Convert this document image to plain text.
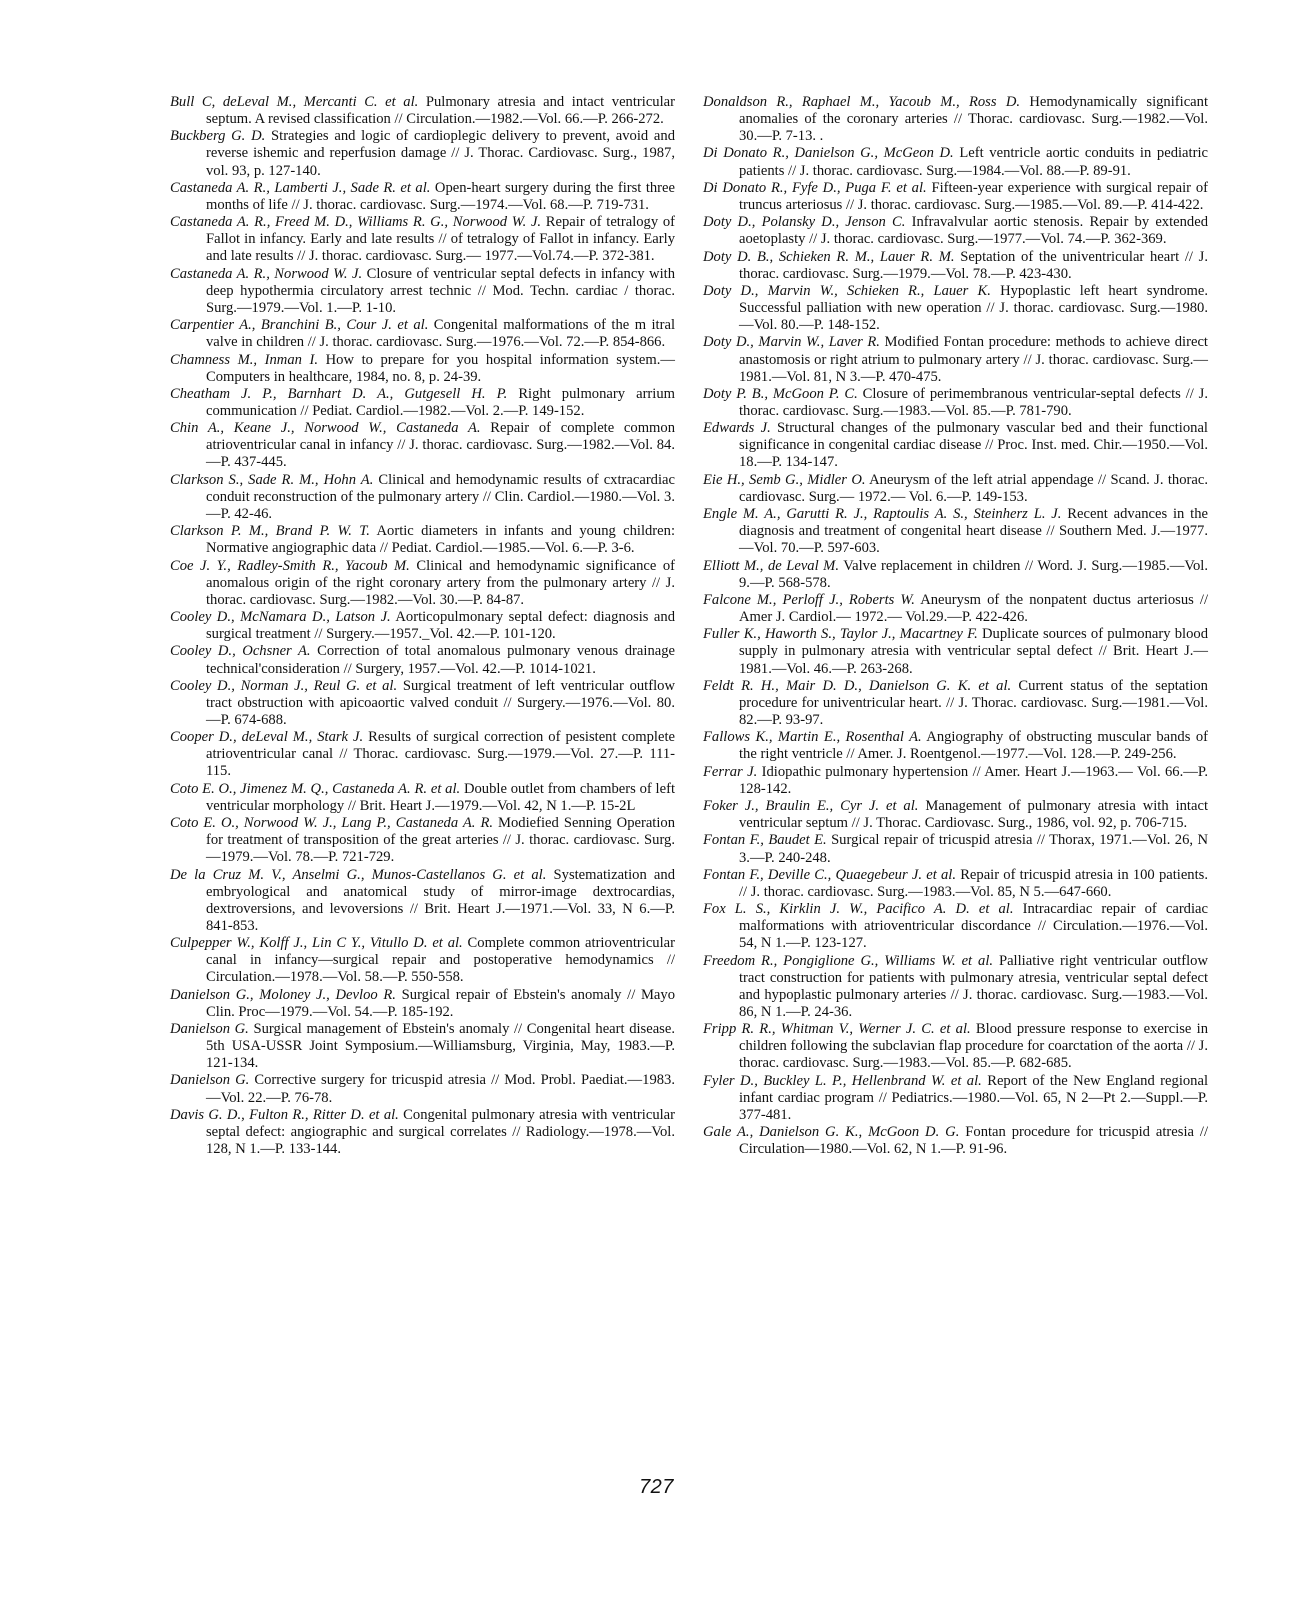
Bull C, deLeval M., Mercanti C. et al. Pulmonary atresia and intact ventricular septum. A revised classification // Circulation.—1982.—Vol. 66.—P. 266-272.

Buckberg G. D. Strategies and logic of cardioplegic delivery to prevent, avoid and reverse ishemic and reperfusion damage // J. Thorac. Cardiovasc. Surg., 1987, vol. 93, p. 127-140.

Castaneda A. R., Lamberti J., Sade R. et al. Open-heart surgery during the first three months of life // J. thorac. cardiovasc. Surg.—1974.—Vol. 68.—P. 719-731.

Castaneda A. R., Freed M. D., Williams R. G., Norwood W. J. Repair of tetralogy of Fallot in infancy. Early and late results // of tetralogy of Fallot in infancy. Early and late results // J. thorac. cardiovasc. Surg.— 1977.—Vol.74.—P. 372-381.

Castaneda A. R., Norwood W. J. Closure of ventricular septal defects in infancy with deep hypothermia circulatory arrest technic // Mod. Techn. cardiac / thorac. Surg.—1979.—Vol. 1.—P. 1-10.

Carpentier A., Branchini B., Cour J. et al. Congenital malformations of the m itral valve in children // J. thorac. cardiovasc. Surg.—1976.—Vol. 72.—P. 854-866.

Chamness M., Inman I. How to prepare for you hospital information system.—Computers in healthcare, 1984, no. 8, p. 24-39.

Cheatham J. P., Barnhart D. A., Gutgesell H. P. Right pulmonary arrium communication // Pediat. Cardiol.—1982.—Vol. 2.—P. 149-152.

Chin A., Keane J., Norwood W., Castaneda A. Repair of complete common atrioventricular canal in infancy // J. thorac. cardiovasc. Surg.—1982.—Vol. 84.—P. 437-445.

Clarkson S., Sade R. M., Hohn A. Clinical and hemodynamic results of cxtracardiac conduit reconstruction of the pulmonary artery // Clin. Cardiol.—1980.—Vol. 3.—P. 42-46.

Clarkson P. M., Brand P. W. T. Aortic diameters in infants and young children: Normative angiographic data // Pediat. Cardiol.—1985.—Vol. 6.—P. 3-6.

Coe J. Y., Radley-Smith R., Yacoub M. Clinical and hemodynamic significance of anomalous origin of the right coronary artery from the pulmonary artery // J. thorac. cardiovasc. Surg.—1982.—Vol. 30.—P. 84-87.

Cooley D., McNamara D., Latson J. Aorticopulmonary septal defect: diagnosis and surgical treatment // Surgery.—1957._Vol. 42.—P. 101-120.

Cooley D., Ochsner A. Correction of total anomalous pulmonary venous drainage technical'consideration // Surgery, 1957.—Vol. 42.—P. 1014-1021.

Cooley D., Norman J., Reul G. et al. Surgical treatment of left ventricular outflow tract obstruction with apicoaortic valved conduit // Surgery.—1976.—Vol. 80.—P. 674-688.

Cooper D., deLeval M., Stark J. Results of surgical correction of pesistent complete atrioventricular canal // Thorac. cardiovasc. Surg.—1979.—Vol. 27.—P. 111-115.

Coto E. O., Jimenez M. Q., Castaneda A. R. et al. Double outlet from chambers of left ventricular morphology // Brit. Heart J.—1979.—Vol. 42, N 1.—P. 15-2L

Coto E. O., Norwood W. J., Lang P., Castaneda A. R. Modiefied Senning Operation for treatment of transposition of the great arteries // J. thorac. cardiovasc. Surg.—1979.—Vol. 78.—P. 721-729.

De la Cruz M. V., Anselmi G., Munos-Castellanos G. et al. Systematization and embryological and anatomical study of mirror-image dextrocardias, dextroversions, and levoversions // Brit. Heart J.—1971.—Vol. 33, N 6.—P. 841-853.

Culpepper W., Kolff J., Lin C Y., Vitullo D. et al. Complete common atrioventricular canal in infancy—surgical repair and postoperative hemodynamics // Circulation.—1978.—Vol. 58.—P. 550-558.

Danielson G., Moloney J., Devloo R. Surgical repair of Ebstein's anomaly // Mayo Clin. Proc—1979.—Vol. 54.—P. 185-192.

Danielson G. Surgical management of Ebstein's anomaly // Congenital heart disease. 5th USA-USSR Joint Symposium.—Williamsburg, Virginia, May, 1983.—P. 121-134.

Danielson G. Corrective surgery for tricuspid atresia // Mod. Probl. Paediat.—1983.—Vol. 22.—P. 76-78.

Davis G. D., Fulton R., Ritter D. et al. Congenital pulmonary atresia with ventricular septal defect: angiographic and surgical correlates // Radiology.—1978.—Vol. 128, N 1.—P. 133-144.

Donaldson R., Raphael M., Yacoub M., Ross D. Hemodynamically significant anomalies of the coronary arteries // Thorac. cardiovasc. Surg.—1982.—Vol. 30.—P. 7-13. .

Di Donato R., Danielson G., McGeon D. Left ventricle aortic conduits in pediatric patients // J. thorac. cardiovasc. Surg.—1984.—Vol. 88.—P. 89-91.

Di Donato R., Fyfe D., Puga F. et al. Fifteen-year experience with surgical repair of truncus arteriosus // J. thorac. cardiovasc. Surg.—1985.—Vol. 89.—P. 414-422.

Doty D., Polansky D., Jenson C. Infravalvular aortic stenosis. Repair by extended aoetoplasty // J. thorac. cardiovasc. Surg.—1977.—Vol. 74.—P. 362-369.

Doty D. B., Schieken R. M., Lauer R. M. Septation of the univentricular heart // J. thorac. cardiovasc. Surg.—1979.—Vol. 78.—P. 423-430.

Doty D., Marvin W., Schieken R., Lauer K. Hypoplastic left heart syndrome. Successful palliation with new operation // J. thorac. cardiovasc. Surg.—1980.—Vol. 80.—P. 148-152.

Doty D., Marvin W., Laver R. Modified Fontan procedure: methods to achieve direct anastomosis or right atrium to pulmonary artery // J. thorac. cardiovasc. Surg.—1981.—Vol. 81, N 3.—P. 470-475.

Doty P. B., McGoon P. C. Closure of perimembranous ventricular-septal defects // J. thorac. cardiovasc. Surg.—1983.—Vol. 85.—P. 781-790.

Edwards J. Structural changes of the pulmonary vascular bed and their functional significance in congenital cardiac disease // Proc. Inst. med. Chir.—1950.—Vol. 18.—P. 134-147.

Eie H., Semb G., Midler O. Aneurysm of the left atrial appendage // Scand. J. thorac. cardiovasc. Surg.— 1972.— Vol. 6.—P. 149-153.

Engle M. A., Garutti R. J., Raptoulis A. S., Steinherz L. J. Recent advances in the diagnosis and treatment of congenital heart disease // Southern Med. J.—1977.—Vol. 70.—P. 597-603.

Elliott M., de Leval M. Valve replacement in children // Word. J. Surg.—1985.—Vol. 9.—P. 568-578.

Falcone M., Perloff J., Roberts W. Aneurysm of the nonpatent ductus arteriosus // Amer J. Cardiol.— 1972.— Vol.29.—P. 422-426.

Fuller K., Haworth S., Taylor J., Macartney F. Duplicate sources of pulmonary blood supply in pulmonary atresia with ventricular septal defect // Brit. Heart J.—1981.—Vol. 46.—P. 263-268.

Feldt R. H., Mair D. D., Danielson G. K. et al. Current status of the septation procedure for univentricular heart. // J. Thorac. cardiovasc. Surg.—1981.—Vol. 82.—P. 93-97.

Fallows K., Martin E., Rosenthal A. Angiography of obstructing muscular bands of the right ventricle // Amer. J. Roentgenol.—1977.—Vol. 128.—P. 249-256.

Ferrar J. Idiopathic pulmonary hypertension // Amer. Heart J.—1963.— Vol. 66.—P. 128-142.

Foker J., Braulin E., Cyr J. et al. Management of pulmonary atresia with intact ventricular septum // J. Thorac. Cardiovasc. Surg., 1986, vol. 92, p. 706-715.

Fontan F., Baudet E. Surgical repair of tricuspid atresia // Thorax, 1971.—Vol. 26, N 3.—P. 240-248.

Fontan F., Deville C., Quaegebeur J. et al. Repair of tricuspid atresia in 100 patients. // J. thorac. cardiovasc. Surg.—1983.—Vol. 85, N 5.—647-660.

Fox L. S., Kirklin J. W., Pacifico A. D. et al. Intracardiac repair of cardiac malformations with atrioventricular discordance // Circulation.—1976.—Vol. 54, N 1.—P. 123-127.

Freedom R., Pongiglione G., Williams W. et al. Palliative right ventricular outflow tract construction for patients with pulmonary atresia, ventricular septal defect and hypoplastic pulmonary arteries // J. thorac. cardiovasc. Surg.—1983.—Vol. 86, N 1.—P. 24-36.

Fripp R. R., Whitman V., Werner J. C. et al. Blood pressure response to exercise in children following the subclavian flap procedure for coarctation of the aorta // J. thorac. cardiovasc. Surg.—1983.—Vol. 85.—P. 682-685.

Fyler D., Buckley L. P., Hellenbrand W. et al. Report of the New England regional infant cardiac program // Pediatrics.—1980.—Vol. 65, N 2—Pt 2.—Suppl.—P. 377-481.

Gale A., Danielson G. K., McGoon D. G. Fontan procedure for tricuspid atresia // Circulation—1980.—Vol. 62, N 1.—P. 91-96.

727
